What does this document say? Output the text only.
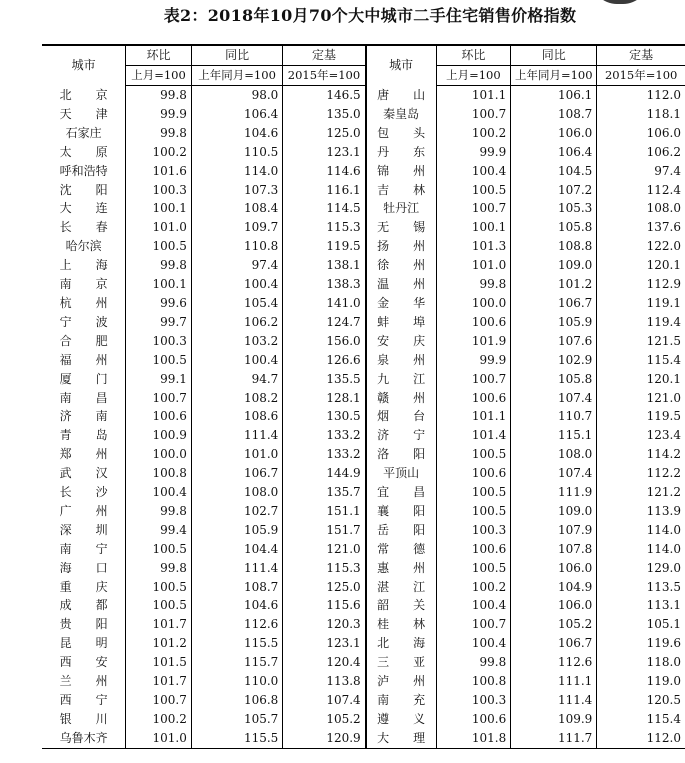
表2：2018年10月70个大中城市二手住宅销售价格指数
城市	环比	同比	定基	城市	环比	同比	定基
	上月=100	上年同月=100	2015年=100		上月=100	上年同月=100	2015年=100
北　　京	99.8	98.0	146.5	唐　　山	101.1	106.1	112.0
天　　津	99.9	106.4	135.0	秦皇岛	100.7	108.7	118.1
石家庄	99.8	104.6	125.0	包　　头	100.2	106.0	106.0
太　　原	100.2	110.5	123.1	丹　　东	99.9	106.4	106.2
呼和浩特	101.6	114.0	114.6	锦　　州	100.4	104.5	97.4
沈　　阳	100.3	107.3	116.1	吉　　林	100.5	107.2	112.4
大　　连	100.1	108.4	114.5	牡丹江	100.7	105.3	108.0
长　　春	101.0	109.7	115.3	无　　锡	100.1	105.8	137.6
哈尔滨	100.5	110.8	119.5	扬　　州	101.3	108.8	122.0
上　　海	99.8	97.4	138.1	徐　　州	101.0	109.0	120.1
南　　京	100.1	100.4	138.3	温　　州	99.8	101.2	112.9
杭　　州	99.6	105.4	141.0	金　　华	100.0	106.7	119.1
宁　　波	99.7	106.2	124.7	蚌　　埠	100.6	105.9	119.4
合　　肥	100.3	103.2	156.0	安　　庆	101.9	107.6	121.5
福　　州	100.5	100.4	126.6	泉　　州	99.9	102.9	115.4
厦　　门	99.1	94.7	135.5	九　　江	100.7	105.8	120.1
南　　昌	100.7	108.2	128.1	赣　　州	100.6	107.4	121.0
济　　南	100.6	108.6	130.5	烟　　台	101.1	110.7	119.5
青　　岛	100.9	111.4	133.2	济　　宁	101.4	115.1	123.4
郑　　州	100.0	101.0	133.2	洛　　阳	100.5	108.0	114.2
武　　汉	100.8	106.7	144.9	平顶山	100.6	107.4	112.2
长　　沙	100.4	108.0	135.7	宜　　昌	100.5	111.9	121.2
广　　州	99.8	102.7	151.1	襄　　阳	100.5	109.0	113.9
深　　圳	99.4	105.9	151.7	岳　　阳	100.3	107.9	114.0
南　　宁	100.5	104.4	121.0	常　　德	100.6	107.8	114.0
海　　口	99.8	111.4	115.3	惠　　州	100.5	106.0	129.0
重　　庆	100.5	108.7	125.0	湛　　江	100.2	104.9	113.5
成　　都	100.5	104.6	115.6	韶　　关	100.4	106.0	113.1
贵　　阳	101.7	112.6	120.3	桂　　林	100.7	105.2	105.1
昆　　明	101.2	115.5	123.1	北　　海	100.4	106.7	119.6
西　　安	101.5	115.7	120.4	三　　亚	99.8	112.6	118.0
兰　　州	101.7	110.0	113.8	泸　　州	100.8	111.1	119.0
西　　宁	100.7	106.8	107.4	南　　充	100.3	111.4	120.5
银　　川	100.2	105.7	105.2	遵　　义	100.6	109.9	115.4
乌鲁木齐	101.0	115.5	120.9	大　　理	101.8	111.7	112.0
